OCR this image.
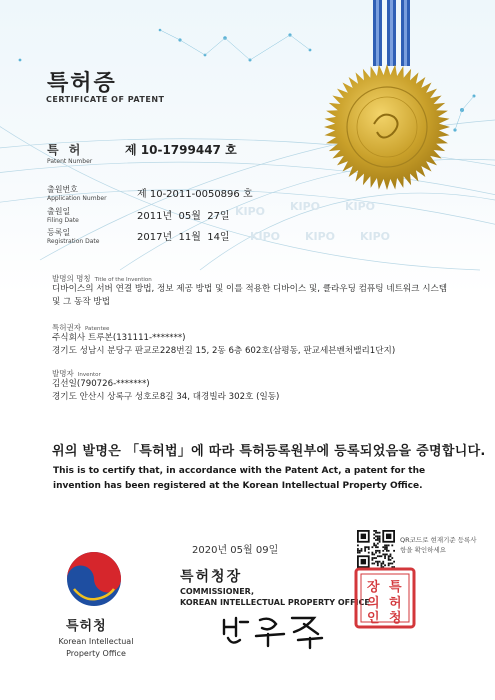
KIPO KIPO KIPO
KIPO KIPO KIPO
특허증
CERTIFICATE OF PATENT
특 허
Patent Number
제 10-1799447 호
출원번호
Application Number	제 10-2011-0050896 호
출원일
Filing Date	2011년  05월  27일
등록일
Registration Date	2017년  11월  14일
발명의 명칭 Title of the Invention
디바이스의 서버 연결 방법, 정보 제공 방법 및 이를 적용한 디바이스 및, 클라우딩 컴퓨팅 네트워크 시스템 및 그 동작 방법
특허권자 Patentee
주식회사 트루본(131111-*******)
경기도 성남시 분당구 판교로228번길 15, 2동 6층 602호(삼평동, 판교세븐벤처밸리1단지)
발명자 Inventor
김선일(790726-*******)
경기도 안산시 상록구 성호로8길 34, 대경빌라 302호 (일동)
위의 발명은 「특허법」에 따라 특허등록원부에 등록되었음을 증명합니다.
This is to certify that, in accordance with the Patent Act, a patent for the invention has been registered at the Korean Intellectual Property Office.
2020년 05월 09일
QR코드로 현재기준 등록사항을 확인하세요
특허청장
COMMISSIONER,
KOREAN INTELLECTUAL PROPERTY OFFICE
특허청
Korean Intellectual
Property Office
특
허
청
장
의
인
